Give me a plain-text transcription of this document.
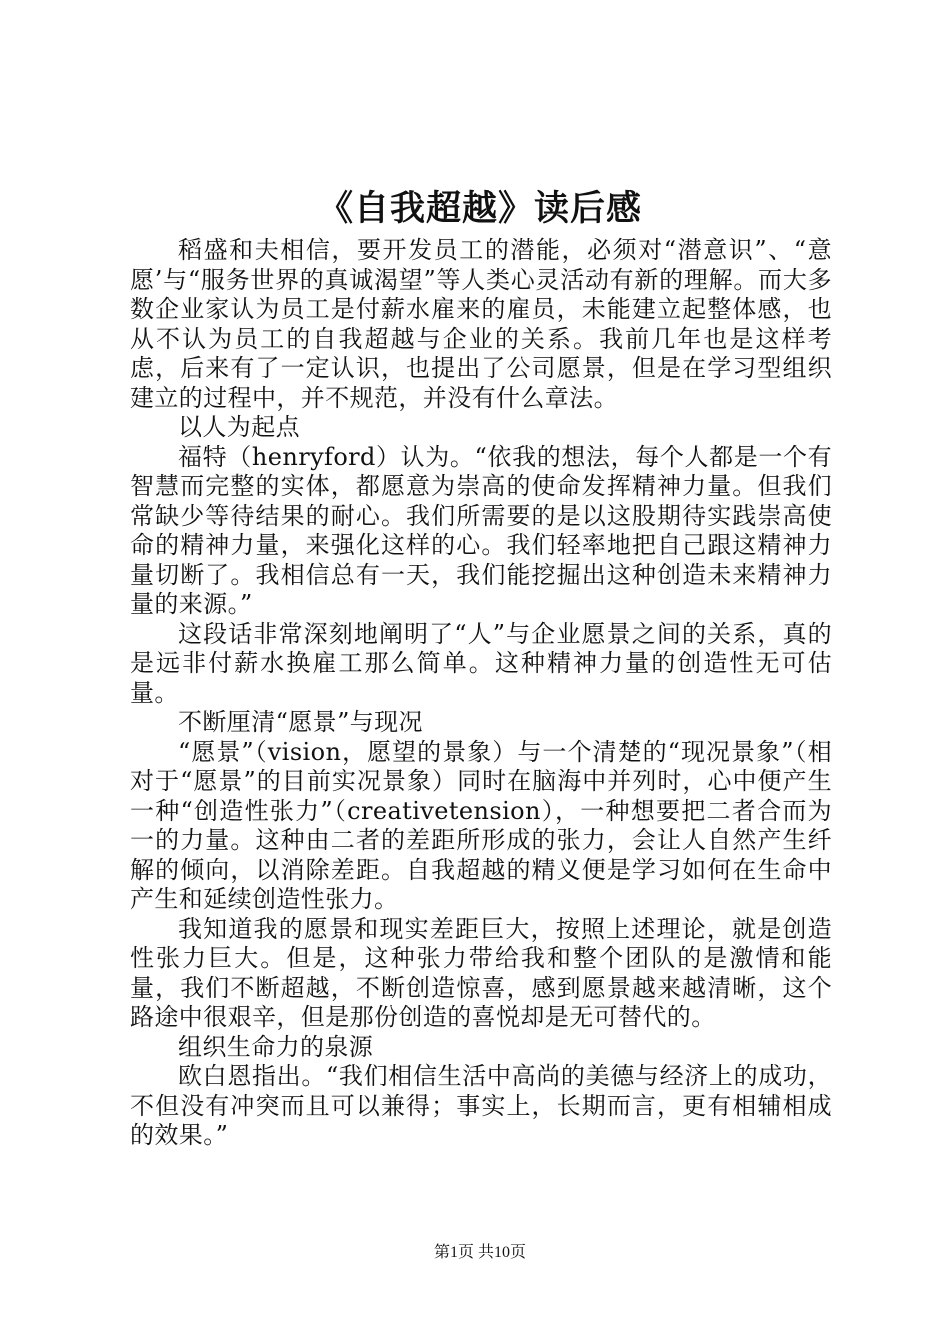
《自我超越》读后感

稻盛和夫相信，要开发员工的潜能，必须对“潜意识”、“意愿’与“服务世界的真诚渴望”等人类心灵活动有新的理解。而大多数企业家认为员工是付薪水雇来的雇员，未能建立起整体感，也从不认为员工的自我超越与企业的关系。我前几年也是这样考虑，后来有了一定认识，也提出了公司愿景，但是在学习型组织建立的过程中，并不规范，并没有什么章法。

以人为起点

福特（henryford）认为。“依我的想法，每个人都是一个有智慧而完整的实体，都愿意为崇高的使命发挥精神力量。但我们常缺少等待结果的耐心。我们所需要的是以这股期待实践崇高使命的精神力量，来强化这样的心。我们轻率地把自己跟这精神力量切断了。我相信总有一天，我们能挖掘出这种创造未来精神力量的来源。”

这段话非常深刻地阐明了“人”与企业愿景之间的关系，真的是远非付薪水换雇工那么简单。这种精神力量的创造性无可估量。

不断厘清“愿景”与现况

“愿景”（vision，愿望的景象）与一个清楚的“现况景象”（相对于“愿景”的目前实况景象）同时在脑海中并列时，心中便产生一种“创造性张力”（creativetension），一种想要把二者合而为一的力量。这种由二者的差距所形成的张力，会让人自然产生纤解的倾向，以消除差距。自我超越的精义便是学习如何在生命中产生和延续创造性张力。

我知道我的愿景和现实差距巨大，按照上述理论，就是创造性张力巨大。但是，这种张力带给我和整个团队的是激情和能量，我们不断超越，不断创造惊喜，感到愿景越来越清晰，这个路途中很艰辛，但是那份创造的喜悦却是无可替代的。

组织生命力的泉源

欧白恩指出。“我们相信生活中高尚的美德与经济上的成功，不但没有冲突而且可以兼得；事实上，长期而言，更有相辅相成的效果。”

第1页 共10页
